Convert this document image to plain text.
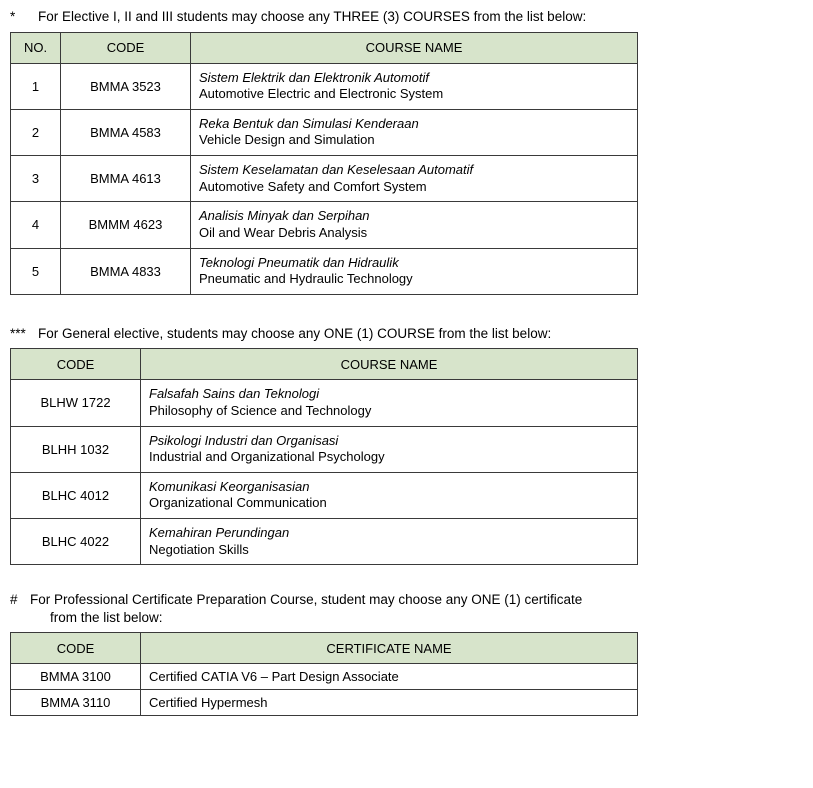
*	For Elective I, II and III students may choose any THREE (3) COURSES from the list below:
NO.	CODE	COURSE NAME
1	BMMA 3523	Sistem Elektrik dan Elektronik Automotif
Automotive Electric and Electronic System

2	BMMA 4583	Reka Bentuk dan Simulasi Kenderaan
Vehicle Design and Simulation

3	BMMA 4613	Sistem Keselamatan dan Keselesaan Automatif
Automotive Safety and Comfort System

4	BMMM 4623	Analisis Minyak dan Serpihan
Oil and Wear Debris Analysis

5	BMMA 4833	Teknologi Pneumatik dan Hidraulik
Pneumatic and Hydraulic Technology
*** For General elective, students may choose any ONE (1) COURSE from the list below:
CODE	COURSE NAME
BLHW 1722	Falsafah Sains dan Teknologi
Philosophy of Science and Technology

BLHH 1032	Psikologi Industri dan Organisasi
Industrial and Organizational Psychology

BLHC 4012	Komunikasi Keorganisasian
Organizational Communication

BLHC 4022	Kemahiran Perundingan
Negotiation Skills
# For Professional Certificate Preparation Course, student may choose any ONE (1) certificate
from the list below:
CODE	CERTIFICATE NAME
BMMA 3100	Certified CATIA V6 – Part Design Associate
BMMA 3110	Certified Hypermesh
